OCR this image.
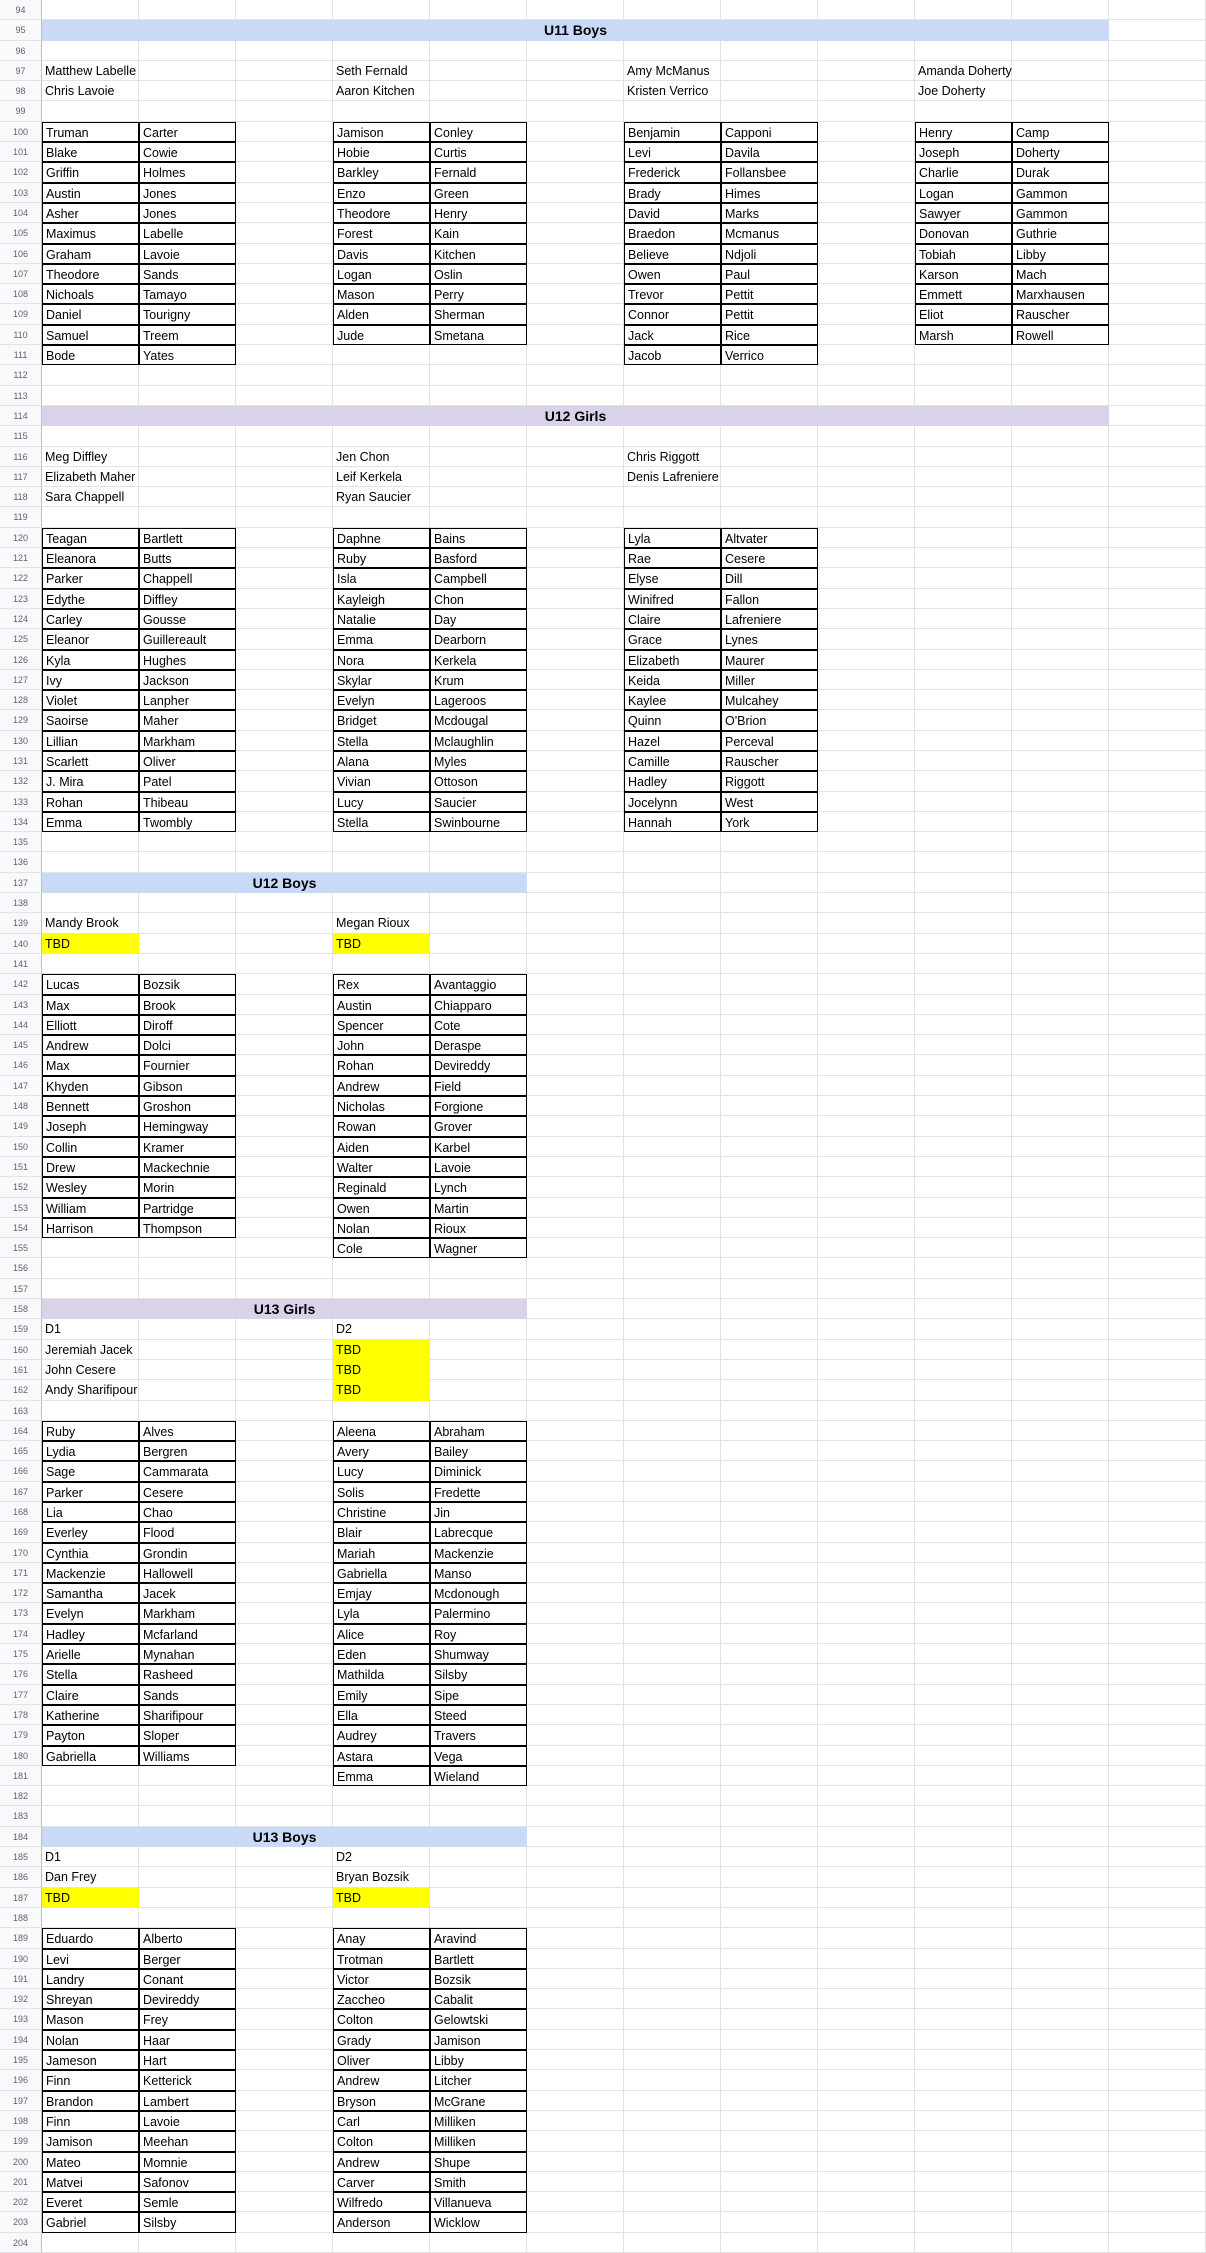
94
95
96
97
98
99
100
101
102
103
104
105
106
107
108
109
110
111
112
113
114
115
116
117
118
119
120
121
122
123
124
125
126
127
128
129
130
131
132
133
134
135
136
137
138
139
140
141
142
143
144
145
146
147
148
149
150
151
152
153
154
155
156
157
158
159
160
161
162
163
164
165
166
167
168
169
170
171
172
173
174
175
176
177
178
179
180
181
182
183
184
185
186
187
188
189
190
191
192
193
194
195
196
197
198
199
200
201
202
203
204
U11 Boys
Matthew Labelle
Chris Lavoie
Seth Fernald
Aaron Kitchen
Amy McManus
Kristen Verrico
Amanda Doherty
Joe Doherty
Truman	Carter
Blake	Cowie
Griffin	Holmes
Austin	Jones
Asher	Jones
Maximus	Labelle
Graham	Lavoie
Theodore	Sands
Nichoals	Tamayo
Daniel	Tourigny
Samuel	Treem
Bode	Yates
Jamison	Conley
Hobie	Curtis
Barkley	Fernald
Enzo	Green
Theodore	Henry
Forest	Kain
Davis	Kitchen
Logan	Oslin
Mason	Perry
Alden	Sherman
Jude	Smetana
Benjamin	Capponi
Levi	Davila
Frederick	Follansbee
Brady	Himes
David	Marks
Braedon	Mcmanus
Believe	Ndjoli
Owen	Paul
Trevor	Pettit
Connor	Pettit
Jack	Rice
Jacob	Verrico
Henry	Camp
Joseph	Doherty
Charlie	Durak
Logan	Gammon
Sawyer	Gammon
Donovan	Guthrie
Tobiah	Libby
Karson	Mach
Emmett	Marxhausen
Eliot	Rauscher
Marsh	Rowell
U12 Girls
Meg Diffley
Elizabeth Maher
Sara Chappell
Jen Chon
Leif Kerkela
Ryan Saucier
Chris Riggott
Denis Lafreniere
Teagan	Bartlett
Eleanora	Butts
Parker	Chappell
Edythe	Diffley
Carley	Gousse
Eleanor	Guillereault
Kyla	Hughes
Ivy	Jackson
Violet	Lanpher
Saoirse	Maher
Lillian	Markham
Scarlett	Oliver
J. Mira	Patel
Rohan	Thibeau
Emma	Twombly
Daphne	Bains
Ruby	Basford
Isla	Campbell
Kayleigh	Chon
Natalie	Day
Emma	Dearborn
Nora	Kerkela
Skylar	Krum
Evelyn	Lageroos
Bridget	Mcdougal
Stella	Mclaughlin
Alana	Myles
Vivian	Ottoson
Lucy	Saucier
Stella	Swinbourne
Lyla	Altvater
Rae	Cesere
Elyse	Dill
Winifred	Fallon
Claire	Lafreniere
Grace	Lynes
Elizabeth	Maurer
Keida	Miller
Kaylee	Mulcahey
Quinn	O'Brion
Hazel	Perceval
Camille	Rauscher
Hadley	Riggott
Jocelynn	West
Hannah	York
U12 Boys
Mandy Brook
TBD
Megan Rioux
TBD
Lucas	Bozsik
Max	Brook
Elliott	Diroff
Andrew	Dolci
Max	Fournier
Khyden	Gibson
Bennett	Groshon
Joseph	Hemingway
Collin	Kramer
Drew	Mackechnie
Wesley	Morin
William	Partridge
Harrison	Thompson
Rex	Avantaggio
Austin	Chiapparo
Spencer	Cote
John	Deraspe
Rohan	Devireddy
Andrew	Field
Nicholas	Forgione
Rowan	Grover
Aiden	Karbel
Walter	Lavoie
Reginald	Lynch
Owen	Martin
Nolan	Rioux
Cole	Wagner
U13 Girls
D1
Jeremiah Jacek
John Cesere
Andy Sharifipour
D2
TBD
TBD
TBD
Ruby	Alves
Lydia	Bergren
Sage	Cammarata
Parker	Cesere
Lia	Chao
Everley	Flood
Cynthia	Grondin
Mackenzie	Hallowell
Samantha	Jacek
Evelyn	Markham
Hadley	Mcfarland
Arielle	Mynahan
Stella	Rasheed
Claire	Sands
Katherine	Sharifipour
Payton	Sloper
Gabriella	Williams
Aleena	Abraham
Avery	Bailey
Lucy	Diminick
Solis	Fredette
Christine	Jin
Blair	Labrecque
Mariah	Mackenzie
Gabriella	Manso
Emjay	Mcdonough
Lyla	Palermino
Alice	Roy
Eden	Shumway
Mathilda	Silsby
Emily	Sipe
Ella	Steed
Audrey	Travers
Astara	Vega
Emma	Wieland
U13 Boys
D1
Dan Frey
TBD
D2
Bryan Bozsik
TBD
Eduardo	Alberto
Levi	Berger
Landry	Conant
Shreyan	Devireddy
Mason	Frey
Nolan	Haar
Jameson	Hart
Finn	Ketterick
Brandon	Lambert
Finn	Lavoie
Jamison	Meehan
Mateo	Momnie
Matvei	Safonov
Everet	Semle
Gabriel	Silsby
Anay	Aravind
Trotman	Bartlett
Victor	Bozsik
Zaccheo	Cabalit
Colton	Gelowtski
Grady	Jamison
Oliver	Libby
Andrew	Litcher
Bryson	McGrane
Carl	Milliken
Colton	Milliken
Andrew	Shupe
Carver	Smith
Wilfredo	Villanueva
Anderson	Wicklow
